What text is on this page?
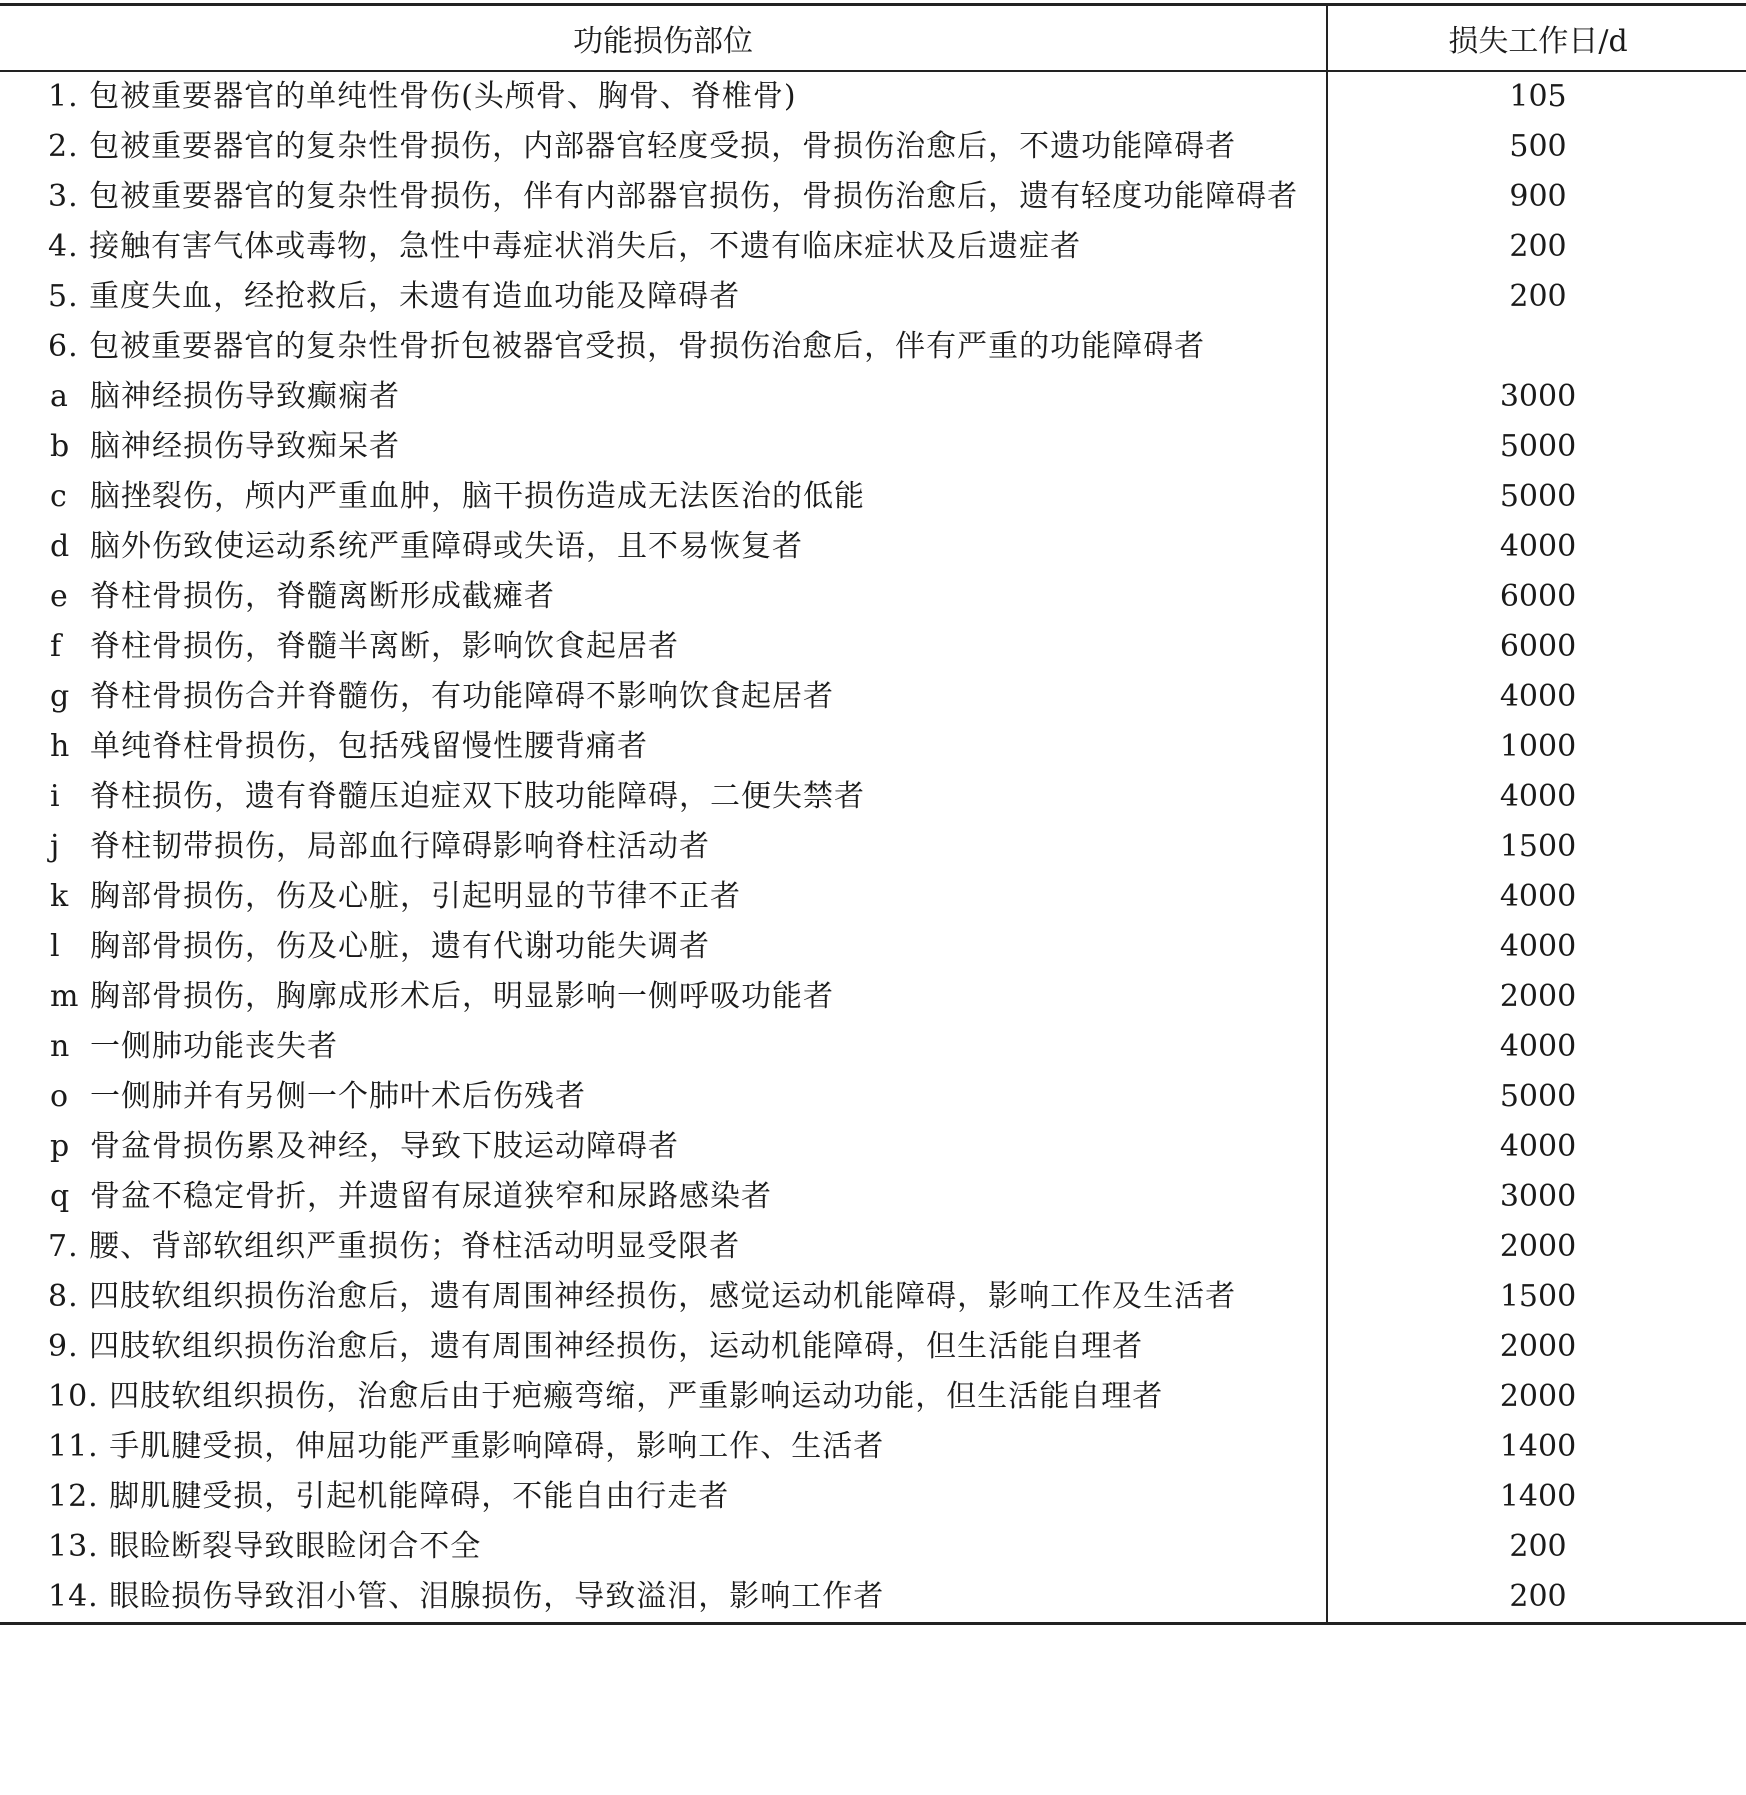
功能损伤部位	损失工作日/d
1. 包被重要器官的单纯性骨伤(头颅骨、胸骨、脊椎骨)	105
2. 包被重要器官的复杂性骨损伤，内部器官轻度受损，骨损伤治愈后，不遗功能障碍者	500
3. 包被重要器官的复杂性骨损伤，伴有内部器官损伤，骨损伤治愈后，遗有轻度功能障碍者	900
4. 接触有害气体或毒物，急性中毒症状消失后，不遗有临床症状及后遗症者	200
5. 重度失血，经抢救后，未遗有造血功能及障碍者	200
6. 包被重要器官的复杂性骨折包被器官受损，骨损伤治愈后，伴有严重的功能障碍者	
a 脑神经损伤导致癫痫者	3000
b 脑神经损伤导致痴呆者	5000
c 脑挫裂伤，颅内严重血肿，脑干损伤造成无法医治的低能	5000
d 脑外伤致使运动系统严重障碍或失语，且不易恢复者	4000
e 脊柱骨损伤，脊髓离断形成截瘫者	6000
f 脊柱骨损伤，脊髓半离断，影响饮食起居者	6000
g 脊柱骨损伤合并脊髓伤，有功能障碍不影响饮食起居者	4000
h 单纯脊柱骨损伤，包括残留慢性腰背痛者	1000
i 脊柱损伤，遗有脊髓压迫症双下肢功能障碍，二便失禁者	4000
j 脊柱韧带损伤，局部血行障碍影响脊柱活动者	1500
k 胸部骨损伤，伤及心脏，引起明显的节律不正者	4000
l 胸部骨损伤，伤及心脏，遗有代谢功能失调者	4000
m 胸部骨损伤，胸廓成形术后，明显影响一侧呼吸功能者	2000
n 一侧肺功能丧失者	4000
o 一侧肺并有另侧一个肺叶术后伤残者	5000
p 骨盆骨损伤累及神经，导致下肢运动障碍者	4000
q 骨盆不稳定骨折，并遗留有尿道狭窄和尿路感染者	3000
7. 腰、背部软组织严重损伤；脊柱活动明显受限者	2000
8. 四肢软组织损伤治愈后，遗有周围神经损伤，感觉运动机能障碍，影响工作及生活者	1500
9. 四肢软组织损伤治愈后，遗有周围神经损伤，运动机能障碍，但生活能自理者	2000
10. 四肢软组织损伤，治愈后由于疤瘢弯缩，严重影响运动功能，但生活能自理者	2000
11. 手肌腱受损，伸屈功能严重影响障碍，影响工作、生活者	1400
12. 脚肌腱受损，引起机能障碍，不能自由行走者	1400
13. 眼睑断裂导致眼睑闭合不全	200
14. 眼睑损伤导致泪小管、泪腺损伤，导致溢泪，影响工作者	200
